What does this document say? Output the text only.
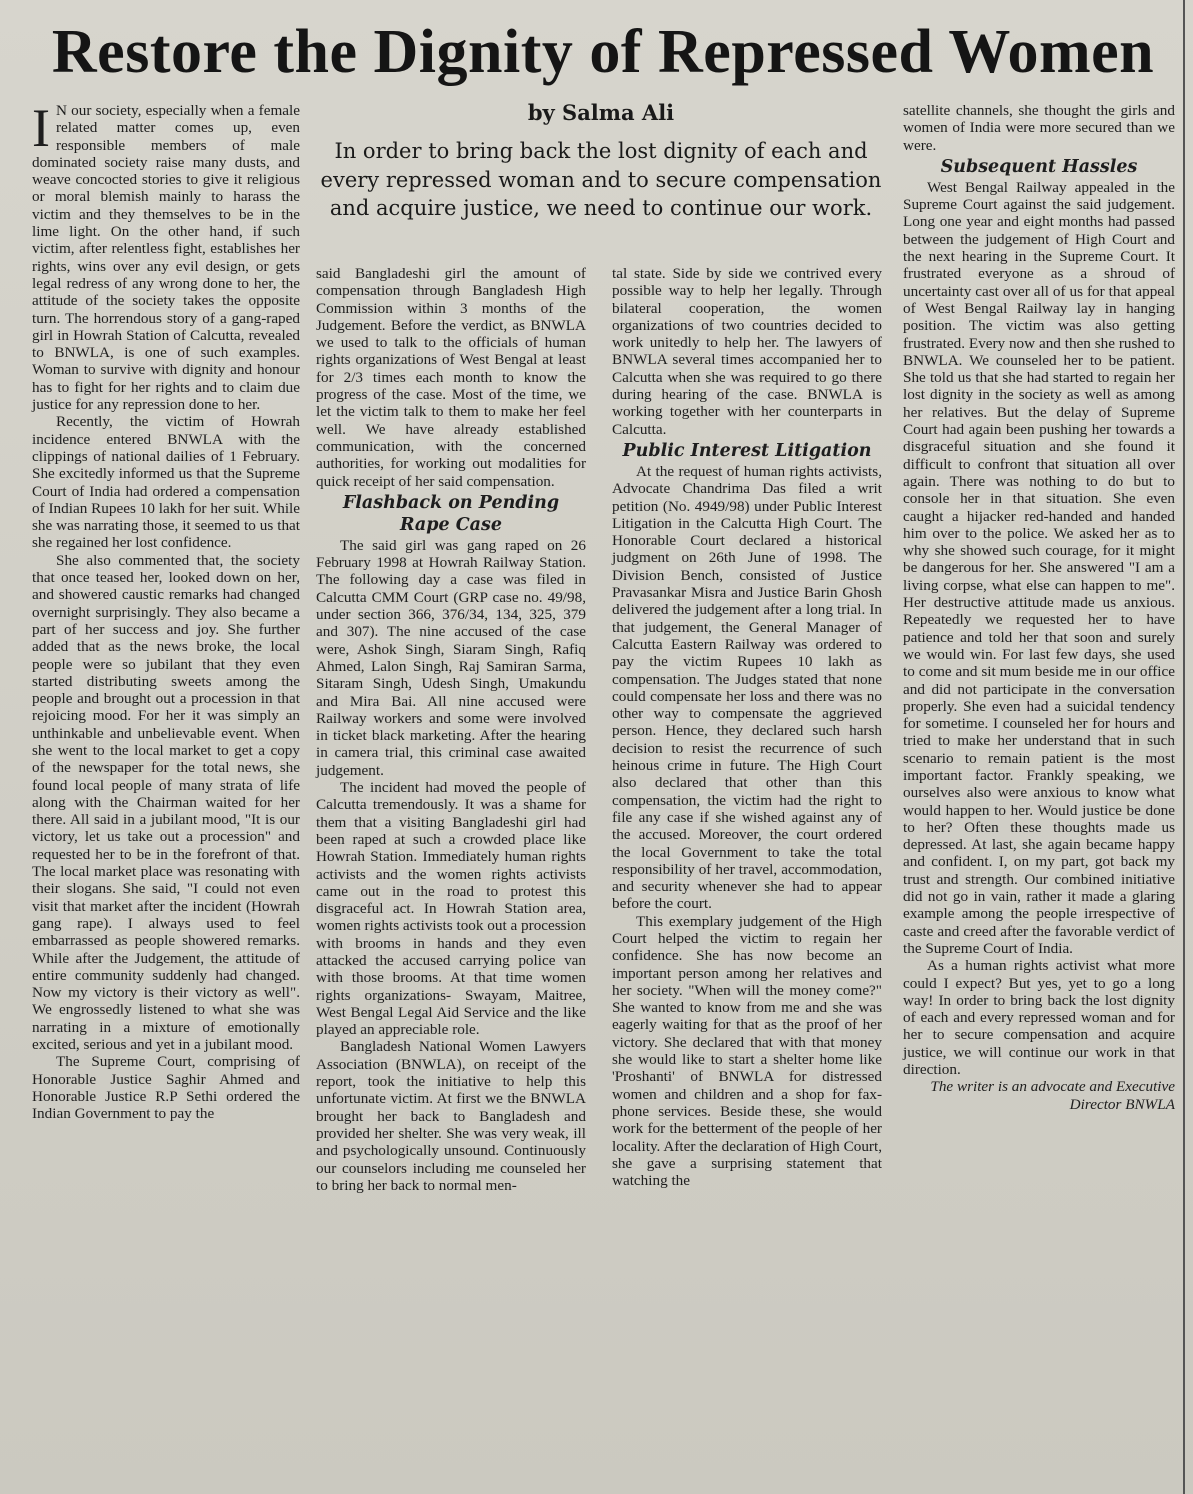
Restore the Dignity of Repressed Women
by Salma Ali
In order to bring back the lost dignity of each and every repressed woman and to secure compensation and acquire justice, we need to continue our work.

I N our society, especially when a female related matter comes up, even responsible members of male dominated society raise many dusts, and weave concocted stories to give it religious or moral blemish mainly to harass the victim and they themselves to be in the lime light. On the other hand, if such victim, after relentless fight, establishes her rights, wins over any evil design, or gets legal redress of any wrong done to her, the attitude of the society takes the opposite turn. The horrendous story of a gang-raped girl in Howrah Station of Calcutta, revealed to BNWLA, is one of such examples. Woman to survive with dignity and honour has to fight for her rights and to claim due justice for any repression done to her.

Recently, the victim of Howrah incidence entered BNWLA with the clippings of national dailies of 1 February. She excitedly informed us that the Supreme Court of India had ordered a compensation of Indian Rupees 10 lakh for her suit. While she was narrating those, it seemed to us that she regained her lost confidence.

She also commented that, the society that once teased her, looked down on her, and showered caustic remarks had changed overnight surprisingly. They also became a part of her success and joy. She further added that as the news broke, the local people were so jubilant that they even started distributing sweets among the people and brought out a procession in that rejoicing mood. For her it was simply an unthinkable and unbelievable event. When she went to the local market to get a copy of the newspaper for the total news, she found local people of many strata of life along with the Chairman waited for her there. All said in a jubilant mood, "It is our victory, let us take out a procession" and requested her to be in the forefront of that. The local market place was resonating with their slogans. She said, "I could not even visit that market after the incident (Howrah gang rape). I always used to feel embarrassed as people showered remarks. While after the Judgement, the attitude of entire community suddenly had changed. Now my victory is their victory as well". We engrossedly listened to what she was narrating in a mixture of emotionally excited, serious and yet in a jubilant mood.

The Supreme Court, comprising of Honorable Justice Saghir Ahmed and Honorable Justice R.P Sethi ordered the Indian Government to pay the

said Bangladeshi girl the amount of compensation through Bangladesh High Commission within 3 months of the Judgement. Before the verdict, as BNWLA we used to talk to the officials of human rights organizations of West Bengal at least for 2/3 times each month to know the progress of the case. Most of the time, we let the victim talk to them to make her feel well. We have already established communication, with the concerned authorities, for working out modalities for quick receipt of her said compensation.

Flashback on Pending Rape Case

The said girl was gang raped on 26 February 1998 at Howrah Railway Station. The following day a case was filed in Calcutta CMM Court (GRP case no. 49/98, under section 366, 376/34, 134, 325, 379 and 307). The nine accused of the case were, Ashok Singh, Siaram Singh, Rafiq Ahmed, Lalon Singh, Raj Samiran Sarma, Sitaram Singh, Udesh Singh, Umakundu and Mira Bai. All nine accused were Railway workers and some were involved in ticket black marketing. After the hearing in camera trial, this criminal case awaited judgement.

The incident had moved the people of Calcutta tremendously. It was a shame for them that a visiting Bangladeshi girl had been raped at such a crowded place like Howrah Station. Immediately human rights activists and the women rights activists came out in the road to protest this disgraceful act. In Howrah Station area, women rights activists took out a procession with brooms in hands and they even attacked the accused carrying police van with those brooms. At that time women rights organizations- Swayam, Maitree, West Bengal Legal Aid Service and the like played an appreciable role.

Bangladesh National Women Lawyers Association (BNWLA), on receipt of the report, took the initiative to help this unfortunate victim. At first we the BNWLA brought her back to Bangladesh and provided her shelter. She was very weak, ill and psychologically unsound. Continuously our counselors including me counseled her to bring her back to normal men-

tal state. Side by side we contrived every possible way to help her legally. Through bilateral cooperation, the women organizations of two countries decided to work unitedly to help her. The lawyers of BNWLA several times accompanied her to Calcutta when she was required to go there during hearing of the case. BNWLA is working together with her counterparts in Calcutta.

Public Interest Litigation

At the request of human rights activists, Advocate Chandrima Das filed a writ petition (No. 4949/98) under Public Interest Litigation in the Calcutta High Court. The Honorable Court declared a historical judgment on 26th June of 1998. The Division Bench, consisted of Justice Pravasankar Misra and Justice Barin Ghosh delivered the judgement after a long trial. In that judgement, the General Manager of Calcutta Eastern Railway was ordered to pay the victim Rupees 10 lakh as compensation. The Judges stated that none could compensate her loss and there was no other way to compensate the aggrieved person. Hence, they declared such harsh decision to resist the recurrence of such heinous crime in future. The High Court also declared that other than this compensation, the victim had the right to file any case if she wished against any of the accused. Moreover, the court ordered the local Government to take the total responsibility of her travel, accommodation, and security whenever she had to appear before the court.

This exemplary judgement of the High Court helped the victim to regain her confidence. She has now become an important person among her relatives and her society. "When will the money come?" She wanted to know from me and she was eagerly waiting for that as the proof of her victory. She declared that with that money she would like to start a shelter home like 'Proshanti' of BNWLA for distressed women and children and a shop for fax-phone services. Beside these, she would work for the betterment of the people of her locality. After the declaration of High Court, she gave a surprising statement that watching the

satellite channels, she thought the girls and women of India were more secured than we were.

Subsequent Hassles

West Bengal Railway appealed in the Supreme Court against the said judgement. Long one year and eight months had passed between the judgement of High Court and the next hearing in the Supreme Court. It frustrated everyone as a shroud of uncertainty cast over all of us for that appeal of West Bengal Railway lay in hanging position. The victim was also getting frustrated. Every now and then she rushed to BNWLA. We counseled her to be patient. She told us that she had started to regain her lost dignity in the society as well as among her relatives. But the delay of Supreme Court had again been pushing her towards a disgraceful situation and she found it difficult to confront that situation all over again. There was nothing to do but to console her in that situation. She even caught a hijacker red-handed and handed him over to the police. We asked her as to why she showed such courage, for it might be dangerous for her. She answered "I am a living corpse, what else can happen to me". Her destructive attitude made us anxious. Repeatedly we requested her to have patience and told her that soon and surely we would win. For last few days, she used to come and sit mum beside me in our office and did not participate in the conversation properly. She even had a suicidal tendency for sometime. I counseled her for hours and tried to make her understand that in such scenario to remain patient is the most important factor. Frankly speaking, we ourselves also were anxious to know what would happen to her. Would justice be done to her? Often these thoughts made us depressed. At last, she again became happy and confident. I, on my part, got back my trust and strength. Our combined initiative did not go in vain, rather it made a glaring example among the people irrespective of caste and creed after the favorable verdict of the Supreme Court of India.

As a human rights activist what more could I expect? But yes, yet to go a long way! In order to bring back the lost dignity of each and every repressed woman and for her to secure compensation and acquire justice, we will continue our work in that direction.

The writer is an advocate and Executive Director BNWLA
